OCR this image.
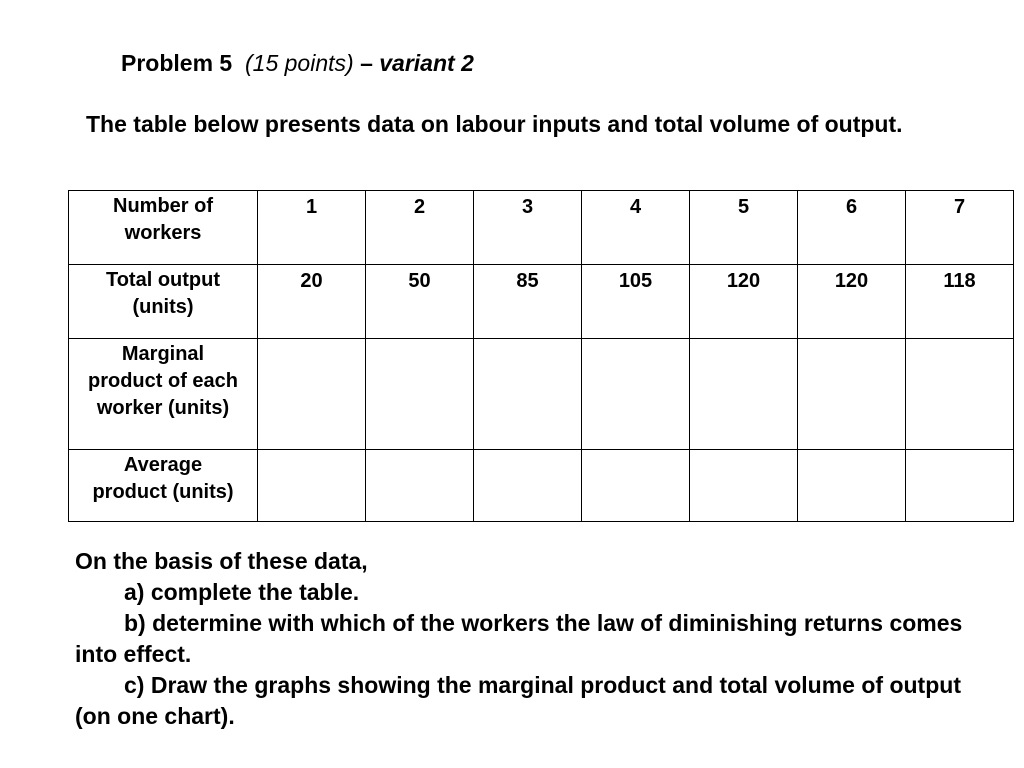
Problem 5 (15 points) – variant 2
The table below presents data on labour inputs and total volume of output.
Number of
workers	1	2	3	4	5	6	7
Total output
(units)	20	50	85	105	120	120	118
Marginal
product of each
worker (units)							
Average
product (units)							

On the basis of these data,

a) complete the table.

b) determine with which of the workers the law of diminishing returns comes into effect.

c) Draw the graphs showing the marginal product and total volume of output (on one chart).
